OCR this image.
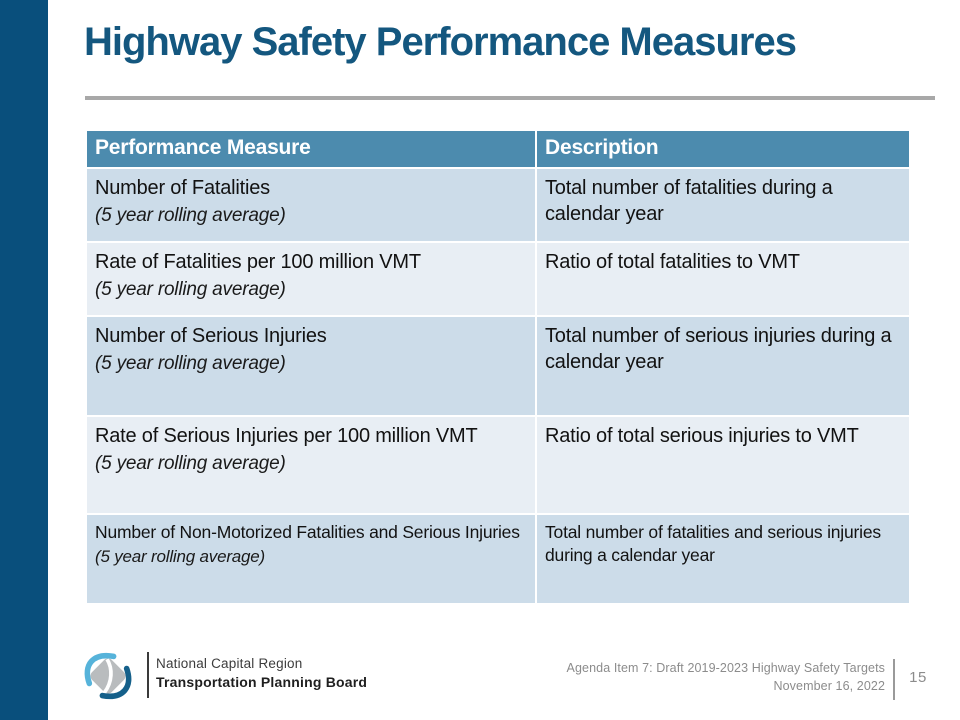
Highway Safety Performance Measures
Performance Measure	Description

Number of Fatalities
(5 year rolling average)	Total number of fatalities during a calendar year

Rate of Fatalities per 100 million VMT
(5 year rolling average)	Ratio of total fatalities to VMT

Number of Serious Injuries
(5 year rolling average)	Total number of serious injuries during a calendar year

Rate of Serious Injuries per 100 million VMT
(5 year rolling average)	Ratio of total serious injuries to VMT

Number of Non-Motorized Fatalities and Serious Injuries
(5 year rolling average)	Total number of fatalities and serious injuries during a calendar year
National Capital Region
Transportation Planning Board
Agenda Item 7: Draft 2019-2023 Highway Safety Targets
November 16, 2022
15
